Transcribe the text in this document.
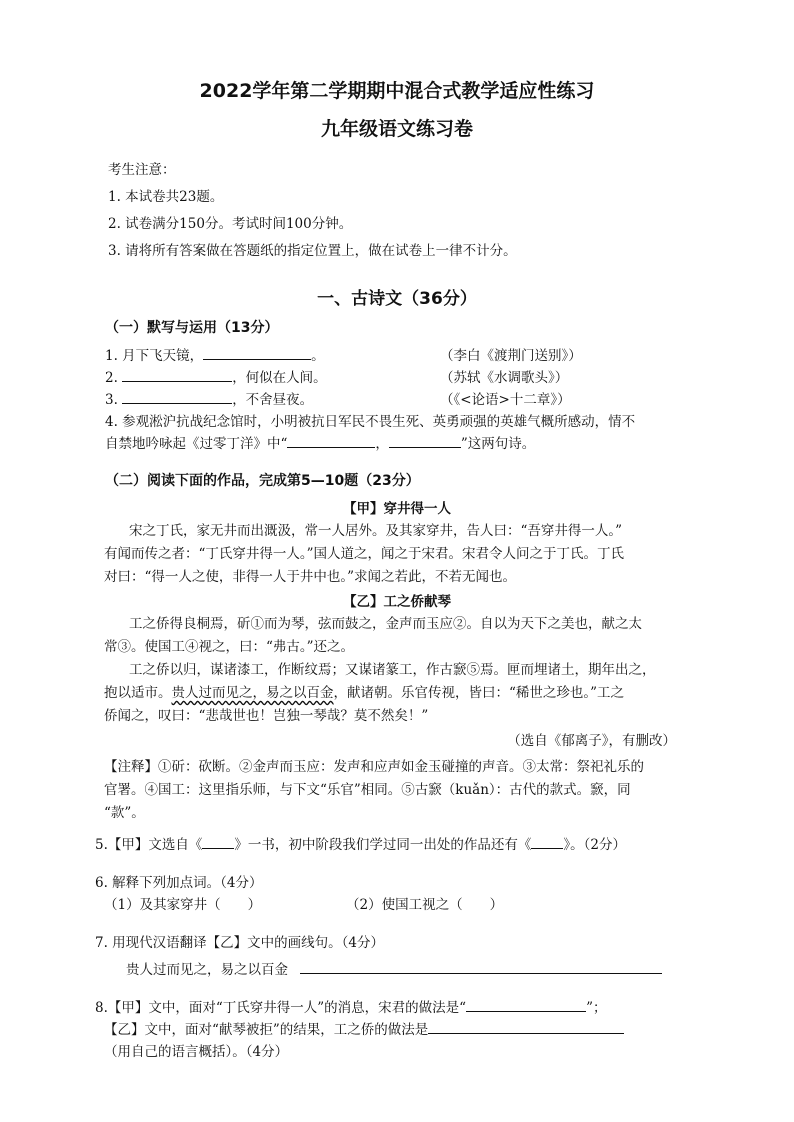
2022学年第二学期期中混合式教学适应性练习
九年级语文练习卷
考生注意：
1. 本试卷共23题。
2. 试卷满分150分。考试时间100分钟。
3. 请将所有答案做在答题纸的指定位置上，做在试卷上一律不计分。
一、古诗文（36分）
（一）默写与运用（13分）
1. 月下飞天镜，	。	（李白《渡荆门送别》）
2.	，何似在人间。	（苏轼《水调歌头》）
3.	，不舍昼夜。	（《<论语>十二章》）
4. 参观淞沪抗战纪念馆时，小明被抗日军民不畏生死、英勇顽强的英雄气概所感动，情不
自禁地吟咏起《过零丁洋》中“	，	”这两句诗。
（二）阅读下面的作品，完成第5—10题（23分）
【甲】穿井得一人
宋之丁氏，家无井而出溉汲，常一人居外。及其家穿井，告人曰：“吾穿井得一人。”
有闻而传之者：“丁氏穿井得一人。”国人道之，闻之于宋君。宋君令人问之于丁氏。丁氏
对曰：“得一人之使，非得一人于井中也。”求闻之若此，不若无闻也。
【乙】工之侨献琴
工之侨得良桐焉，斫①而为琴，弦而鼓之，金声而玉应②。自以为天下之美也，献之太
常③。使国工④视之，曰：“弗古。”还之。
工之侨以归，谋诸漆工，作断纹焉；又谋诸篆工，作古窾⑤焉。匣而埋诸土，期年出之，
抱以适市。贵人过而见之，易之以百金，献诸朝。乐官传视，皆曰：“稀世之珍也。”工之
侨闻之，叹曰：“悲哉世也！岂独一琴哉？莫不然矣！”
（选自《郁离子》，有删改）
【注释】①斫：砍断。②金声而玉应：发声和应声如金玉碰撞的声音。③太常：祭祀礼乐的
官署。④国工：这里指乐师，与下文“乐官”相同。⑤古窾（kuǎn）：古代的款式。窾，同
“款”。
5.【甲】文选自《 》一书，初中阶段我们学过同一出处的作品还有《 》。（2分）
6. 解释下列加点词。（4分）
（1）及其家穿井（　　）	（2）使国工视之（　　）
7. 用现代汉语翻译【乙】文中的画线句。（4分）
贵人过而见之，易之以百金
8.【甲】文中，面对“丁氏穿井得一人”的消息，宋君的做法是“	”；
【乙】文中，面对“献琴被拒”的结果，工之侨的做法是
（用自己的语言概括）。（4分）
